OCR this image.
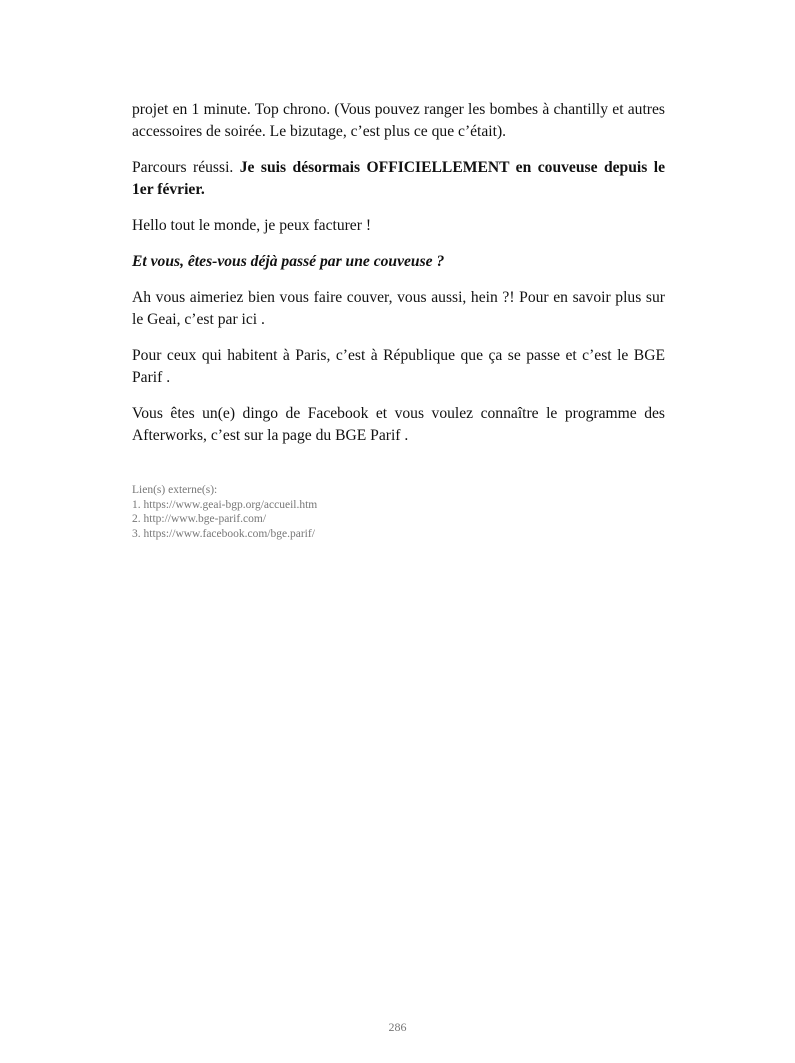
projet en 1 minute. Top chrono. (Vous pouvez ranger les bombes à chantilly et autres accessoires de soirée. Le bizutage, c’est plus ce que c’était).

Parcours réussi. Je suis désormais OFFICIELLEMENT en couveuse depuis le 1er février.

Hello tout le monde, je peux facturer !

Et vous, êtes-vous déjà passé par une couveuse ?

Ah vous aimeriez bien vous faire couver, vous aussi, hein ?! Pour en savoir plus sur le Geai, c’est par ici .

Pour ceux qui habitent à Paris, c’est à République que ça se passe et c’est le BGE Parif .

Vous êtes un(e) dingo de Facebook et vous voulez connaître le programme des Afterworks, c’est sur la page du BGE Parif .

Lien(s) externe(s):
1. https://www.geai-bgp.org/accueil.htm
2. http://www.bge-parif.com/
3. https://www.facebook.com/bge.parif/
286
